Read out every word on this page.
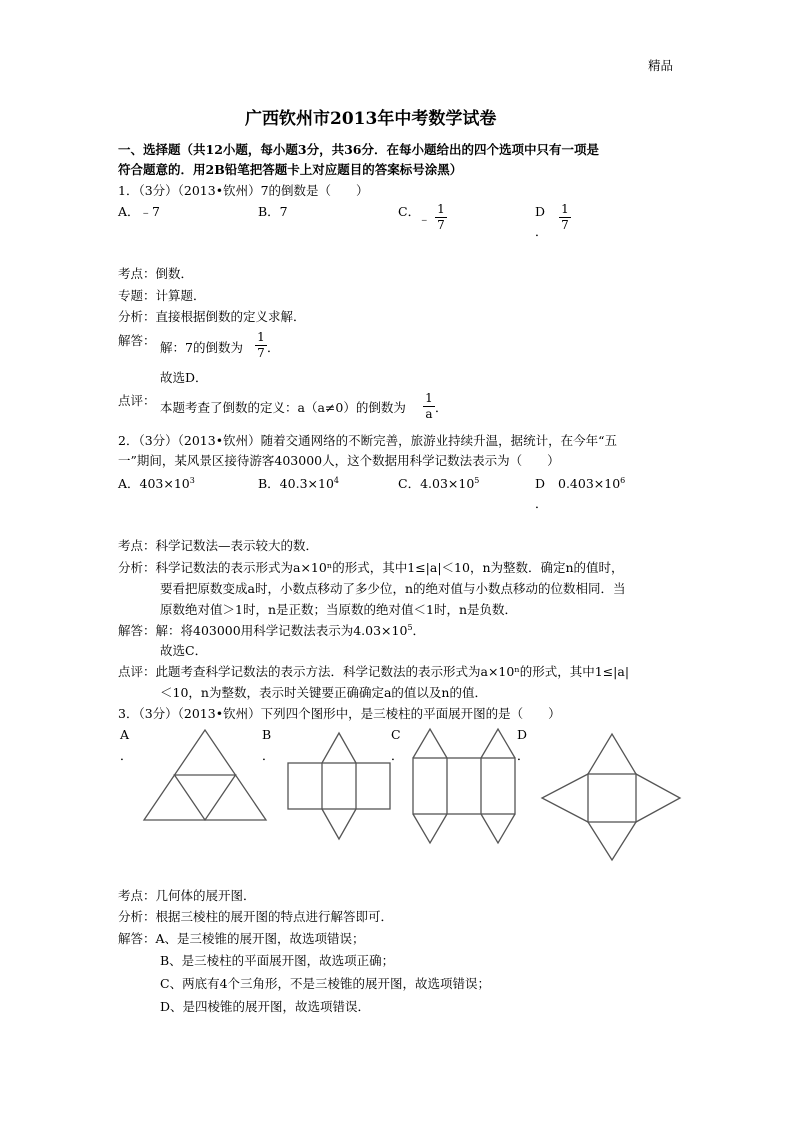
精品
广西钦州市2013年中考数学试卷
一、选择题（共12小题，每小题3分，共36分．在每小题给出的四个选项中只有一项是
符合题意的．用2B铅笔把答题卡上对应题目的答案标号涂黑）
1．（3分）（2013•钦州）7的倒数是（　　）
A．﹣7	B．7	C．
﹣
1
7
D
．
1
7
考点：倒数．
专题：计算题．
分析：直接根据倒数的定义求解．
解答： 解：7的倒数为
1
7 ．
故选D．
点评： 本题考查了倒数的定义：a（a≠0）的倒数为
1
a ．
2．（3分）（2013•钦州）随着交通网络的不断完善，旅游业持续升温，据统计，在今年“五
一”期间，某风景区接待游客403000人，这个数据用科学记数法表示为（　　）
A．$403\times 10^3$	B．$40.3\times 10^4$	C．$4.03\times 10^5$	D $0.403\times 10^6$
．
考点：科学记数法—表示较大的数．
分析：科学记数法的表示形式为a×10ⁿ的形式，其中1≤|a|＜10，n为整数．确定n的值时，
要看把原数变成a时，小数点移动了多少位，n的绝对值与小数点移动的位数相同．当
原数绝对值＞1时，n是正数；当原数的绝对值＜1时，n是负数．
解答：解：将403000用科学记数法表示为$4.03\times 10^5$．
故选C．
点评：此题考查科学记数法的表示方法．科学记数法的表示形式为a×10ⁿ的形式，其中1≤|a|
＜10，n为整数，表示时关键要正确确定a的值以及n的值．
3．（3分）（2013•钦州）下列四个图形中，是三棱柱的平面展开图的是（　　）
A
．
B
．
C
．
D
．
考点：几何体的展开图．
分析：根据三棱柱的展开图的特点进行解答即可．
解答：A、是三棱锥的展开图，故选项错误；
B、是三棱柱的平面展开图，故选项正确；
C、两底有4个三角形，不是三棱锥的展开图，故选项错误；
D、是四棱锥的展开图，故选项错误．
